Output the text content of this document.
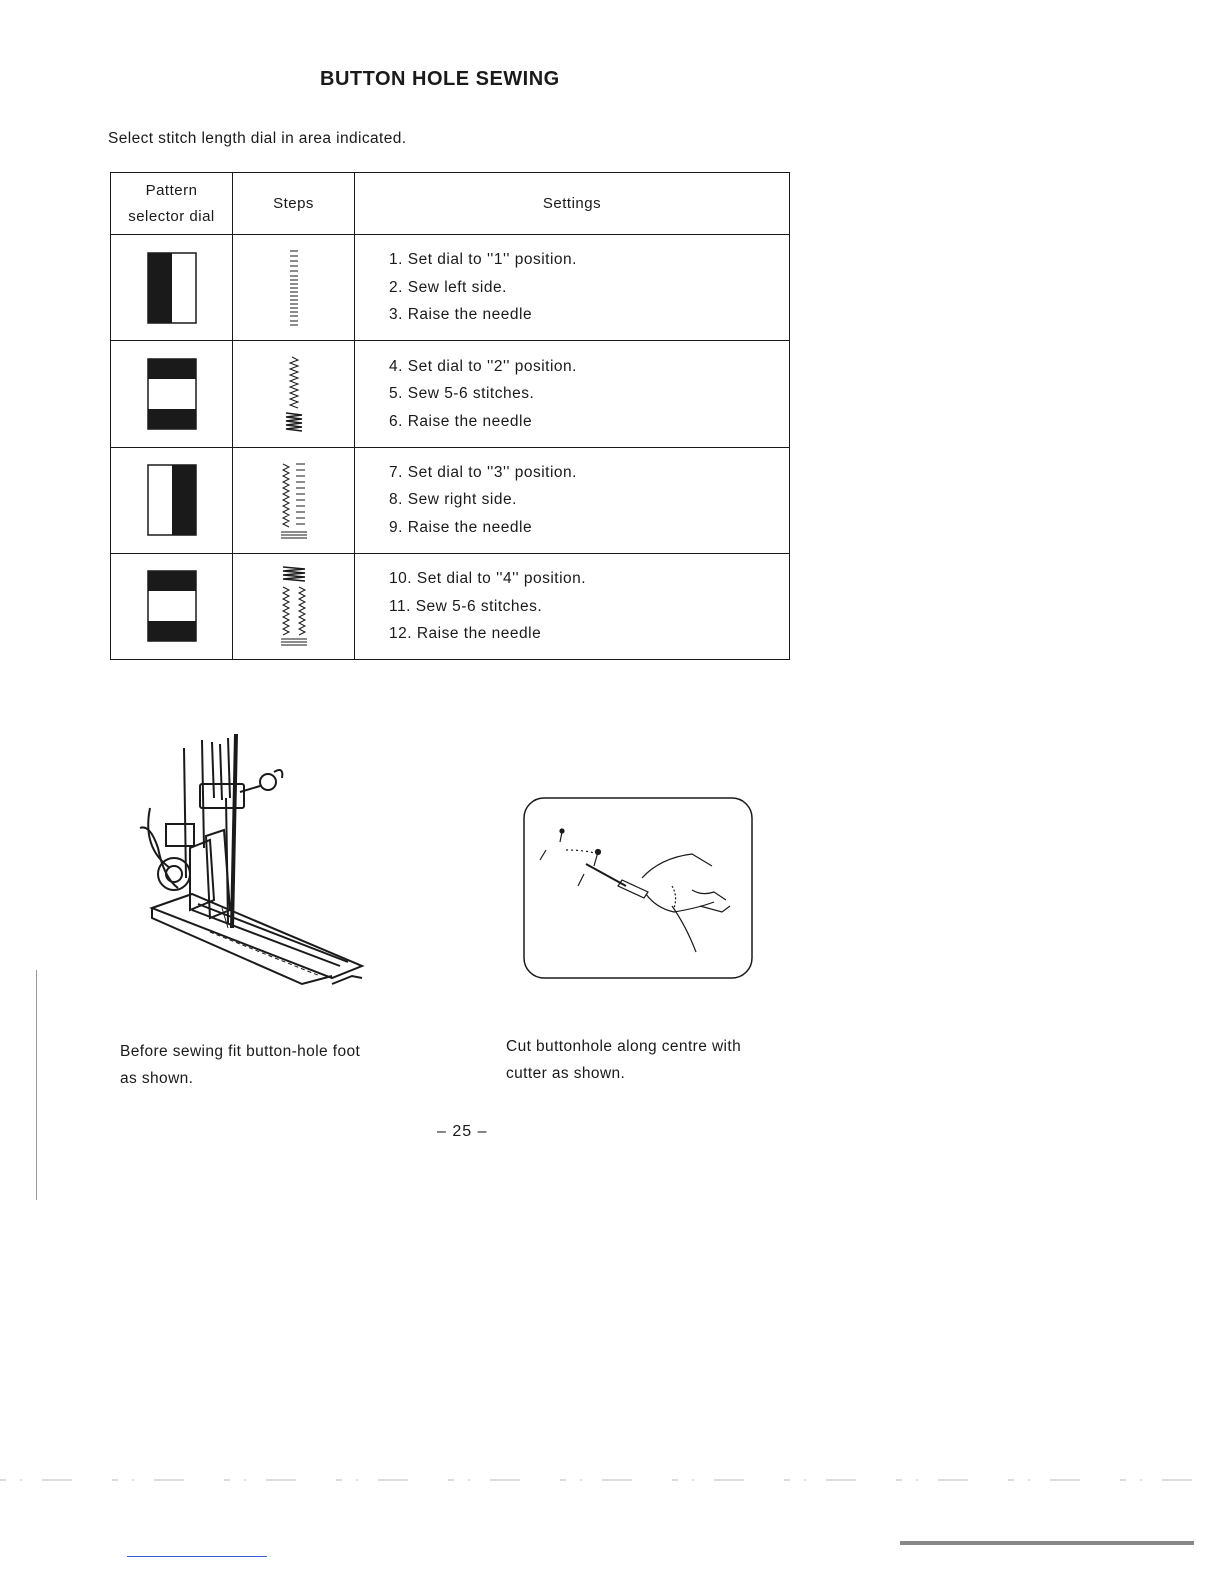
BUTTON HOLE SEWING
Select stitch length dial in area indicated.
Pattern
selector dial	Steps	Settings

1. Set dial to ''1'' position.
2. Sew left side.
3. Raise the needle

4. Set dial to ''2'' position.
5. Sew 5-6 stitches.
6. Raise the needle

7. Set dial to ''3'' position.
8. Sew right side.
9. Raise the needle

10. Set dial to ''4'' position.
11. Sew 5-6 stitches.
12. Raise the needle
Before sewing fit button-hole foot
as shown.
Cut buttonhole along centre with
cutter as shown.
– 25 –
